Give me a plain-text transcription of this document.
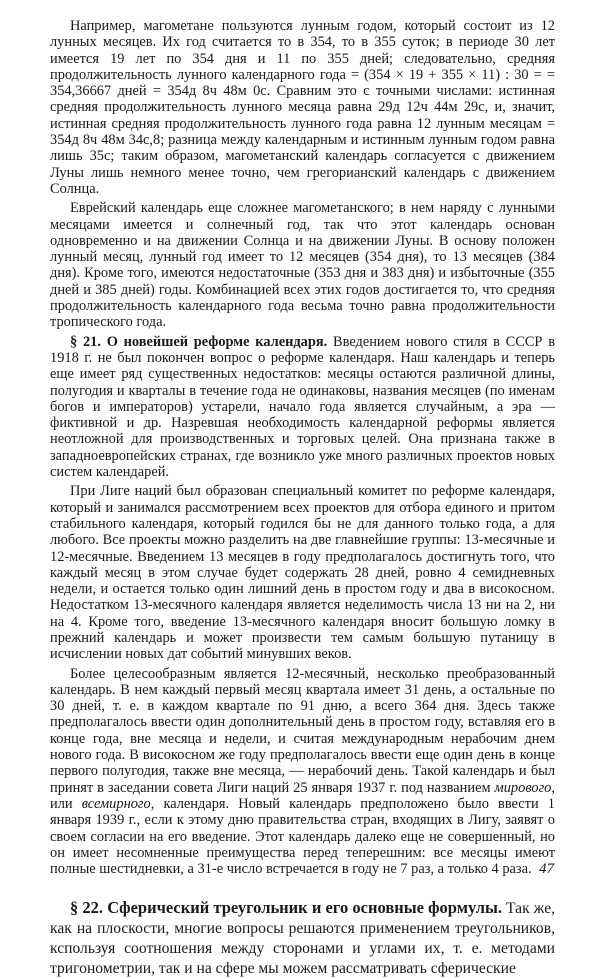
Например, магометане пользуются лунным годом, который состоит из 12 лунных месяцев. Их год считается то в 354, то в 355 суток; в периоде 30 лет имеется 19 лет по 354 дня и 11 по 355 дней; следовательно, средняя продолжительность лунного календарного года = (354 × 19 + 355 × 11) : 30 = = 354,36667 дней = 354д 8ч 48м 0с. Сравним это с точными числами: истинная средняя продолжительность лунного месяца равна 29д 12ч 44м 29с, и, значит, истинная средняя продолжительность лунного года равна 12 лунным месяцам = 354д 8ч 48м 34с,8; разница между календарным и истинным лунным годом равна лишь 35с; таким образом, магометанский календарь согласуется с движением Луны лишь немного менее точно, чем грегорианский календарь с движением Солнца.

Еврейский календарь еще сложнее магометанского; в нем наряду с лунными месяцами имеется и солнечный год, так что этот календарь основан одновременно и на движении Солнца и на движении Луны. В основу положен лунный месяц, лунный год имеет то 12 месяцев (354 дня), то 13 месяцев (384 дня). Кроме того, имеются недостаточные (353 дня и 383 дня) и избыточные (355 дней и 385 дней) годы. Комбинацией всех этих годов достигается то, что средняя продолжительность календарного года весьма точно равна продолжительности тропического года.

§ 21. О новейшей реформе календаря. Введением нового стиля в СССР в 1918 г. не был покончен вопрос о реформе календаря. Наш календарь и теперь еще имеет ряд существенных недостатков: месяцы остаются различной длины, полугодия и кварталы в течение года не одинаковы, названия месяцев (по именам богов и императоров) устарели, начало года является случайным, а эра — фиктивной и др. Назревшая необходимость календарной реформы является неотложной для производственных и торговых целей. Она признана также в западноевропейских странах, где возникло уже много различных проектов новых систем календарей.

При Лиге наций был образован специальный комитет по реформе календаря, который и занимался рассмотрением всех проектов для отбора единого и притом стабильного календаря, который годился бы не для данного только года, а для любого. Все проекты можно разделить на две главнейшие группы: 13-месячные и 12-месячные. Введением 13 месяцев в году предполагалось достигнуть того, что каждый месяц в этом случае будет содержать 28 дней, ровно 4 семидневных недели, и остается только один лишний день в простом году и два в високосном. Недостатком 13-месячного календаря является неделимость числа 13 ни на 2, ни на 4. Кроме того, введение 13-месячного календаря вносит большую ломку в прежний календарь и может произвести тем самым большую путаницу в исчислении новых дат событий минувших веков.

Более целесообразным является 12-месячный, несколько преобразованный календарь. В нем каждый первый месяц квартала имеет 31 день, а остальные по 30 дней, т. е. в каждом квартале по 91 дню, а всего 364 дня. Здесь также предполагалось ввести один дополнительный день в простом году, вставляя его в конце года, вне месяца и недели, и считая международным нерабочим днем нового года. В високосном же году предполагалось ввести еще один день в конце первого полугодия, также вне месяца, — нерабочий день. Такой календарь и был принят в заседании совета Лиги наций 25 января 1937 г. под названием мирового, или всемирного, календаря. Новый календарь предположено было ввести 1 января 1939 г., если к этому дню правительства стран, входящих в Лигу, заявят о своем согласии на его введение. Этот календарь далеко еще не совершенный, но он имеет несомненные преимущества перед теперешним: все месяцы имеют полные шестидневки, а 31-е число встречается в году не 7 раз, а только 4 раза.

§ 22. Сферический треугольник и его основные формулы. Так же, как на плоскости, многие вопросы решаются применением треугольников, кспользуя соотношения между сторонами и углами их, т. е. методами тригонометрии, так и на сфере мы можем рассматривать сферические

47
